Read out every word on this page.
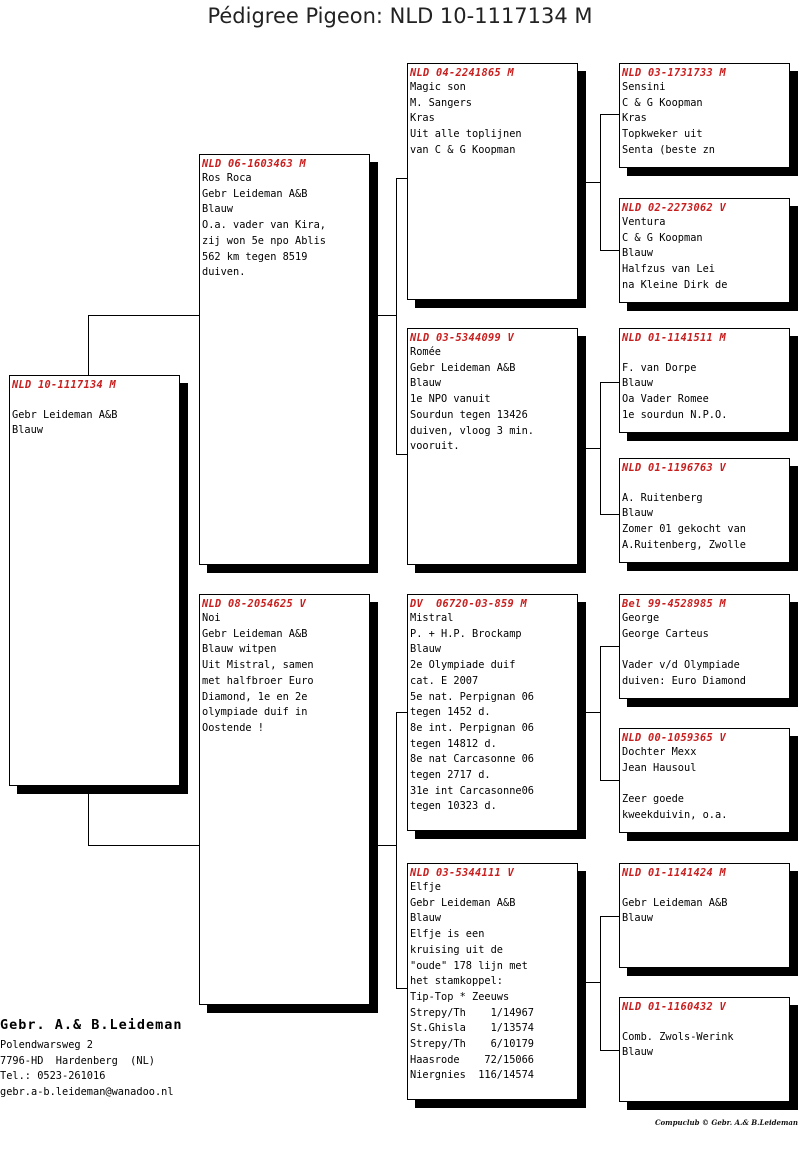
Pédigree Pigeon: NLD 10-1117134 M
NLD 10-1117134 M
Gebr Leideman A&B
Blauw
NLD 06-1603463 M
Ros Roca
Gebr Leideman A&B
Blauw
O.a. vader van Kira,
zij won 5e npo Ablis
562 km tegen 8519
duiven.
NLD 08-2054625 V
Noi
Gebr Leideman A&B
Blauw witpen
Uit Mistral, samen
met halfbroer Euro
Diamond, 1e en 2e
olympiade duif in
Oostende !
NLD 04-2241865 M
Magic son
M. Sangers
Kras
Uit alle toplijnen
van C & G Koopman
NLD 03-5344099 V
Romée
Gebr Leideman A&B
Blauw
1e NPO vanuit
Sourdun tegen 13426
duiven, vloog 3 min.
vooruit.
DV  06720-03-859 M
Mistral
P. + H.P. Brockamp
Blauw
2e Olympiade duif
cat. E 2007
5e nat. Perpignan 06
tegen 1452 d.
8e int. Perpignan 06
tegen 14812 d.
8e nat Carcasonne 06
tegen 2717 d.
31e int Carcasonne06
tegen 10323 d.
NLD 03-5344111 V
Elfje
Gebr Leideman A&B
Blauw
Elfje is een
kruising uit de
"oude" 178 lijn met
het stamkoppel:
Tip-Top * Zeeuws
Strepy/Th    1/14967
St.Ghisla    1/13574
Strepy/Th    6/10179
Haasrode    72/15066
Niergnies  116/14574
NLD 03-1731733 M
Sensini
C & G Koopman
Kras
Topkweker uit
Senta (beste zn
NLD 02-2273062 V
Ventura
C & G Koopman
Blauw
Halfzus van Lei
na Kleine Dirk de
NLD 01-1141511 M
F. van Dorpe
Blauw
Oa Vader Romee
1e sourdun N.P.O.
NLD 01-1196763 V
A. Ruitenberg
Blauw
Zomer 01 gekocht van
A.Ruitenberg, Zwolle
Bel 99-4528985 M
George
George Carteus
Vader v/d Olympiade
duiven: Euro Diamond
NLD 00-1059365 V
Dochter Mexx
Jean Hausoul
Zeer goede
kweekduivin, o.a.
NLD 01-1141424 M
Gebr Leideman A&B
Blauw
NLD 01-1160432 V
Comb. Zwols-Werink
Blauw
Gebr. A.& B.Leideman
Polendwarsweg 2
7796-HD  Hardenberg  (NL)
Tel.: 0523-261016
gebr.a-b.leideman@wanadoo.nl
Compuclub © Gebr. A.& B.Leideman
